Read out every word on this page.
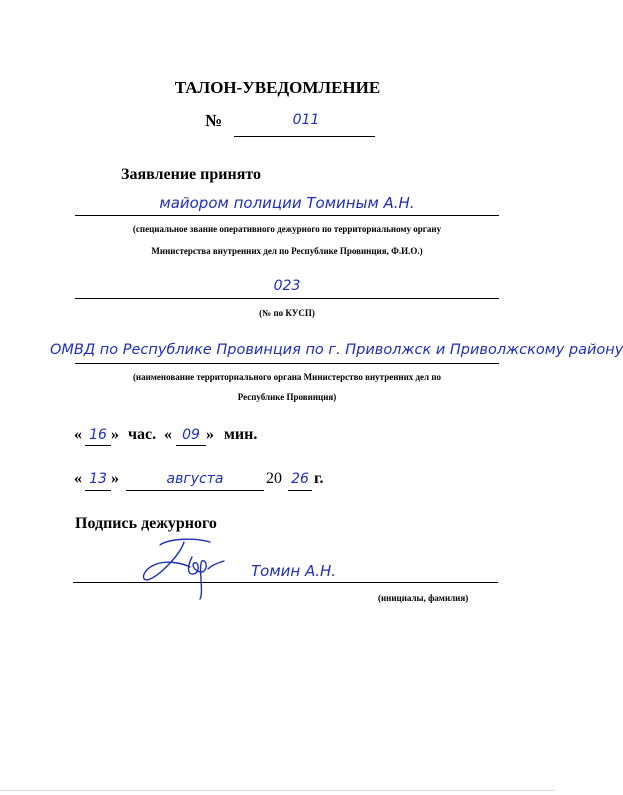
ТАЛОН-УВЕДОМЛЕНИЕ
№	011
Заявление принято
майором полиции Томиным А.Н.
(специальное звание оперативного дежурного по территориальному органу
Министерства внутренних дел по Республике Провинция, Ф.И.О.)
023
(№ по КУСП)
ОМВД по Республике Провинция по г. Приволжск и Приволжскому району
(наименование территориального органа Министерство внутренних дел по
Республике Провинция)
« 16 » час. « 09 » мин.
« 13 »	августа	20 26 г.
Подпись дежурного
Томин А.Н.
(инициалы, фамилия)
